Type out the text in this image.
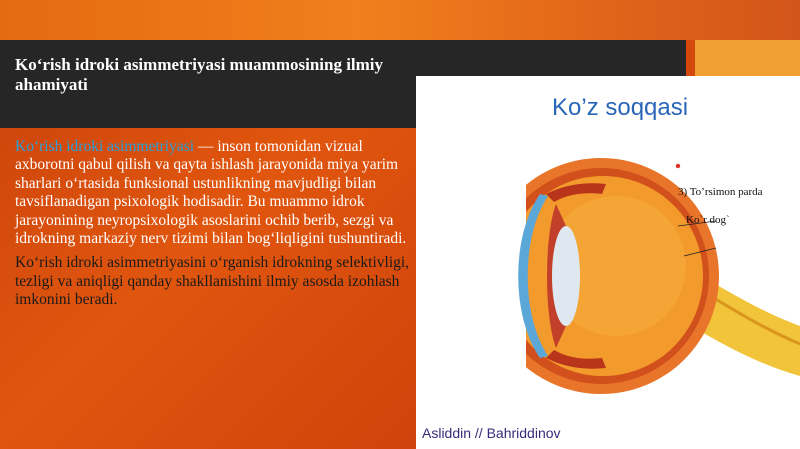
Ko‘rish idroki asimmetriyasi muammosining ilmiy ahamiyati

Ko‘rish idroki asimmetriyasi — inson tomonidan vizual axborotni qabul qilish va qayta ishlash jarayonida miya yarim sharlari o‘rtasida funksional ustunlikning mavjudligi bilan tavsiflanadigan psixologik hodisadir. Bu muammo idrok jarayonining neyropsixologik asoslarini ochib berib, sezgi va idrokning markaziy nerv tizimi bilan bog‘liqligini tushuntiradi.

Ko‘rish idroki asimmetriyasini o‘rganish idrokning selektivligi, tezligi va aniqligi qanday shakllanishini ilmiy asosda izohlash imkonini beradi.

Ko’z soqqasi
3) To’rsimon parda
Ko`r dog`
Asliddin // Bahriddinov
